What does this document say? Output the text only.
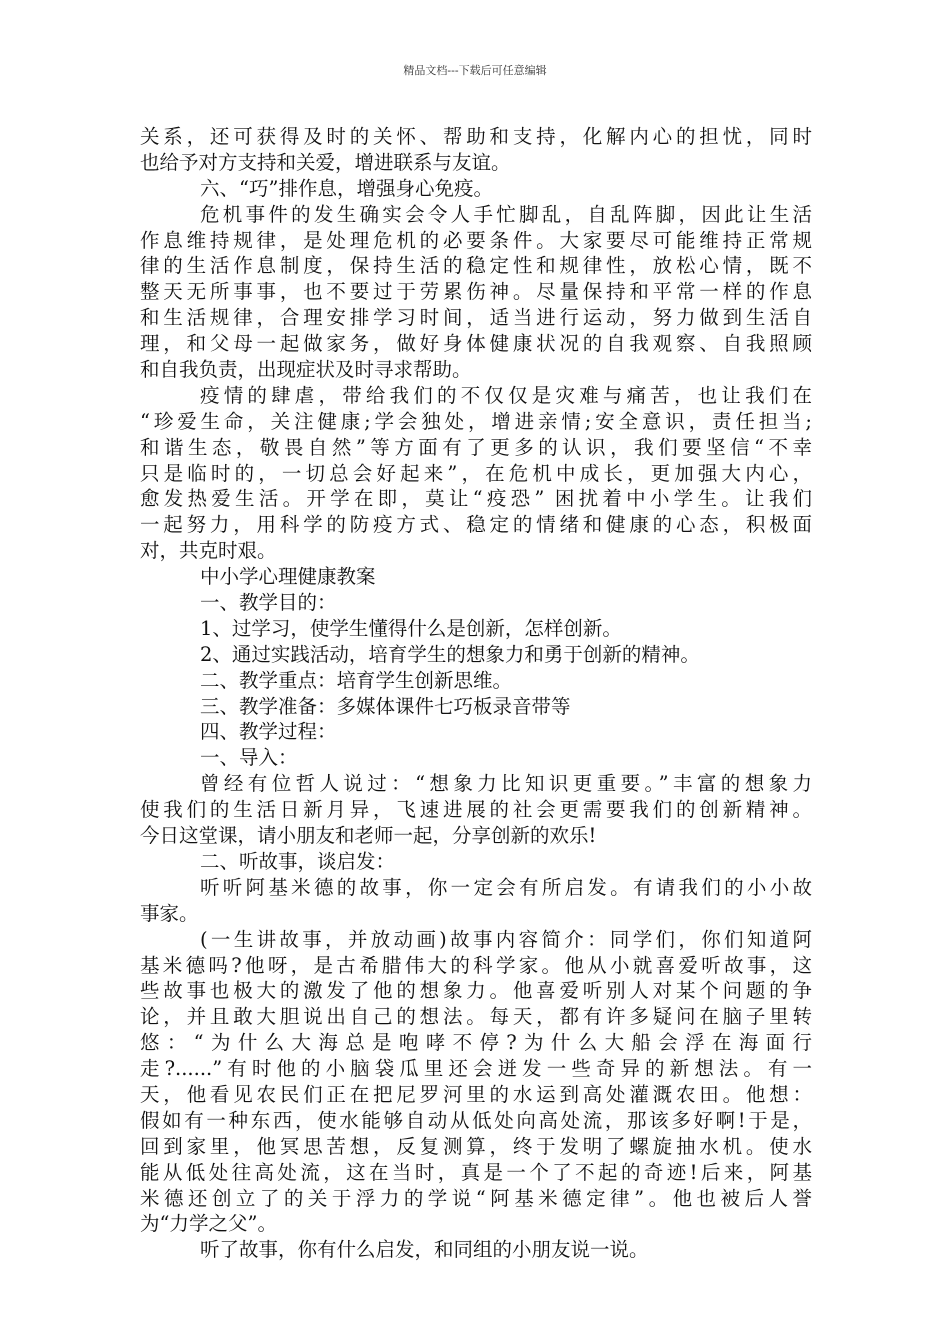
精品文档---下载后可任意编辑
关系，还可获得及时的关怀、帮助和支持，化解内心的担忧，同时
也给予对方支持和关爱，增进联系与友谊。
六、“巧”排作息，增强身心免疫。
危机事件的发生确实会令人手忙脚乱，自乱阵脚，因此让生活
作息维持规律，是处理危机的必要条件。大家要尽可能维持正常规
律的生活作息制度，保持生活的稳定性和规律性，放松心情，既不
整天无所事事，也不要过于劳累伤神。尽量保持和平常一样的作息
和生活规律，合理安排学习时间，适当进行运动，努力做到生活自
理，和父母一起做家务，做好身体健康状况的自我观察、自我照顾
和自我负责，出现症状及时寻求帮助。
疫情的肆虐，带给我们的不仅仅是灾难与痛苦，也让我们在
“珍爱生命，关注健康;学会独处，增进亲情;安全意识，责任担当;
和谐生态，敬畏自然”等方面有了更多的认识，我们要坚信“不幸
只是临时的，一切总会好起来”，在危机中成长，更加强大内心，
愈发热爱生活。开学在即，莫让“疫恐” 困扰着中小学生。让我们
一起努力，用科学的防疫方式、稳定的情绪和健康的心态，积极面
对，共克时艰。
中小学心理健康教案
一、教学目的：
1、过学习，使学生懂得什么是创新，怎样创新。
2、通过实践活动，培育学生的想象力和勇于创新的精神。
二、教学重点：培育学生创新思维。
三、教学准备：多媒体课件七巧板录音带等
四、教学过程：
一、导入：
曾经有位哲人说过：“想象力比知识更重要。”丰富的想象力
使我们的生活日新月异，飞速进展的社会更需要我们的创新精神。
今日这堂课，请小朋友和老师一起，分享创新的欢乐!
二、听故事，谈启发：
听听阿基米德的故事，你一定会有所启发。有请我们的小小故
事家。
(一生讲故事，并放动画)故事内容简介：同学们，你们知道阿
基米德吗?他呀，是古希腊伟大的科学家。他从小就喜爱听故事，这
些故事也极大的激发了他的想象力。他喜爱听别人对某个问题的争
论，并且敢大胆说出自己的想法。每天，都有许多疑问在脑子里转
悠：“为什么大海总是咆哮不停?为什么大船会浮在海面行
走?......”有时他的小脑袋瓜里还会迸发一些奇异的新想法。有一
天，他看见农民们正在把尼罗河里的水运到高处灌溉农田。他想：
假如有一种东西，使水能够自动从低处向高处流，那该多好啊!于是，
回到家里，他冥思苦想，反复测算，终于发明了螺旋抽水机。使水
能从低处往高处流，这在当时，真是一个了不起的奇迹!后来，阿基
米德还创立了的关于浮力的学说“阿基米德定律”。他也被后人誉
为“力学之父”。
听了故事，你有什么启发，和同组的小朋友说一说。
